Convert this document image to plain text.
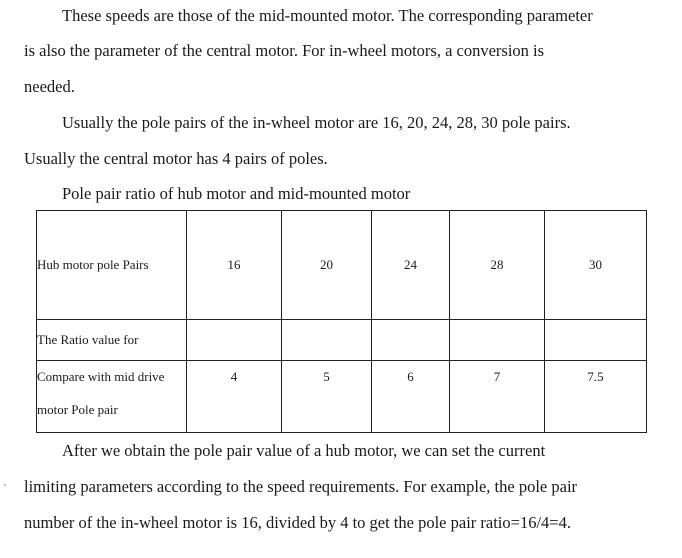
These speeds are those of the mid-mounted motor. The corresponding parameter
is also the parameter of the central motor. For in-wheel motors, a conversion is
needed.
Usually the pole pairs of the in-wheel motor are 16, 20, 24, 28, 30 pole pairs.
Usually the central motor has 4 pairs of poles.
Pole pair ratio of hub motor and mid-mounted motor
Hub motor pole Pairs	16	20	24	28	30
The Ratio value for					

Compare with mid drive
motor Pole pair	4	5	6	7	7.5
After we obtain the pole pair value of a hub motor, we can set the current
limiting parameters according to the speed requirements. For example, the pole pair
number of the in-wheel motor is 16, divided by 4 to get the pole pair ratio=16/4=4.
